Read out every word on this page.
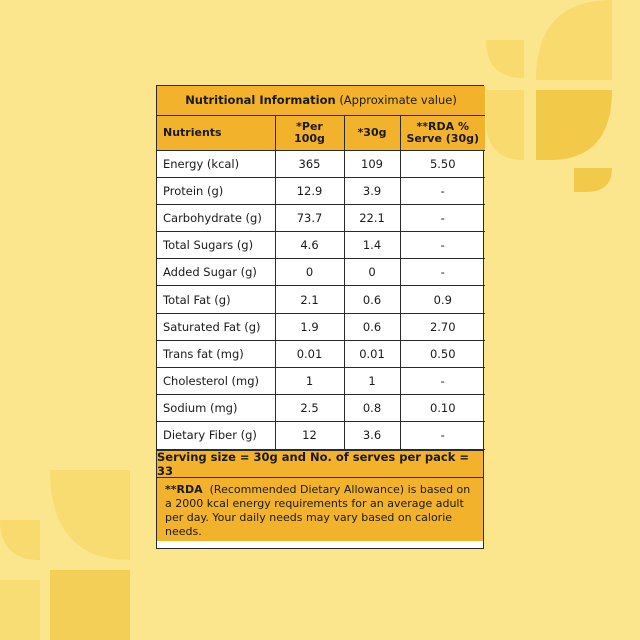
Nutritional Information (Approximate value)			
Nutrients	*Per 100g	*30g	**RDA % Serve (30g)
Energy (kcal)	365	109	5.50
Protein (g)	12.9	3.9	-
Carbohydrate (g)	73.7	22.1	-
Total Sugars (g)	4.6	1.4	-
Added Sugar (g)	0	0	-
Total Fat (g)	2.1	0.6	0.9
Saturated Fat (g)	1.9	0.6	2.70
Trans fat (mg)	0.01	0.01	0.50
Cholesterol (mg)	1	1	-
Sodium (mg)	2.5	0.8	0.10
Dietary Fiber (g)	12	3.6	-
Serving size = 30g and No. of serves per pack = 33
**RDA (Recommended Dietary Allowance) is based on a 2000 kcal energy requirements for an average adult per day. Your daily needs may vary based on calorie needs.
